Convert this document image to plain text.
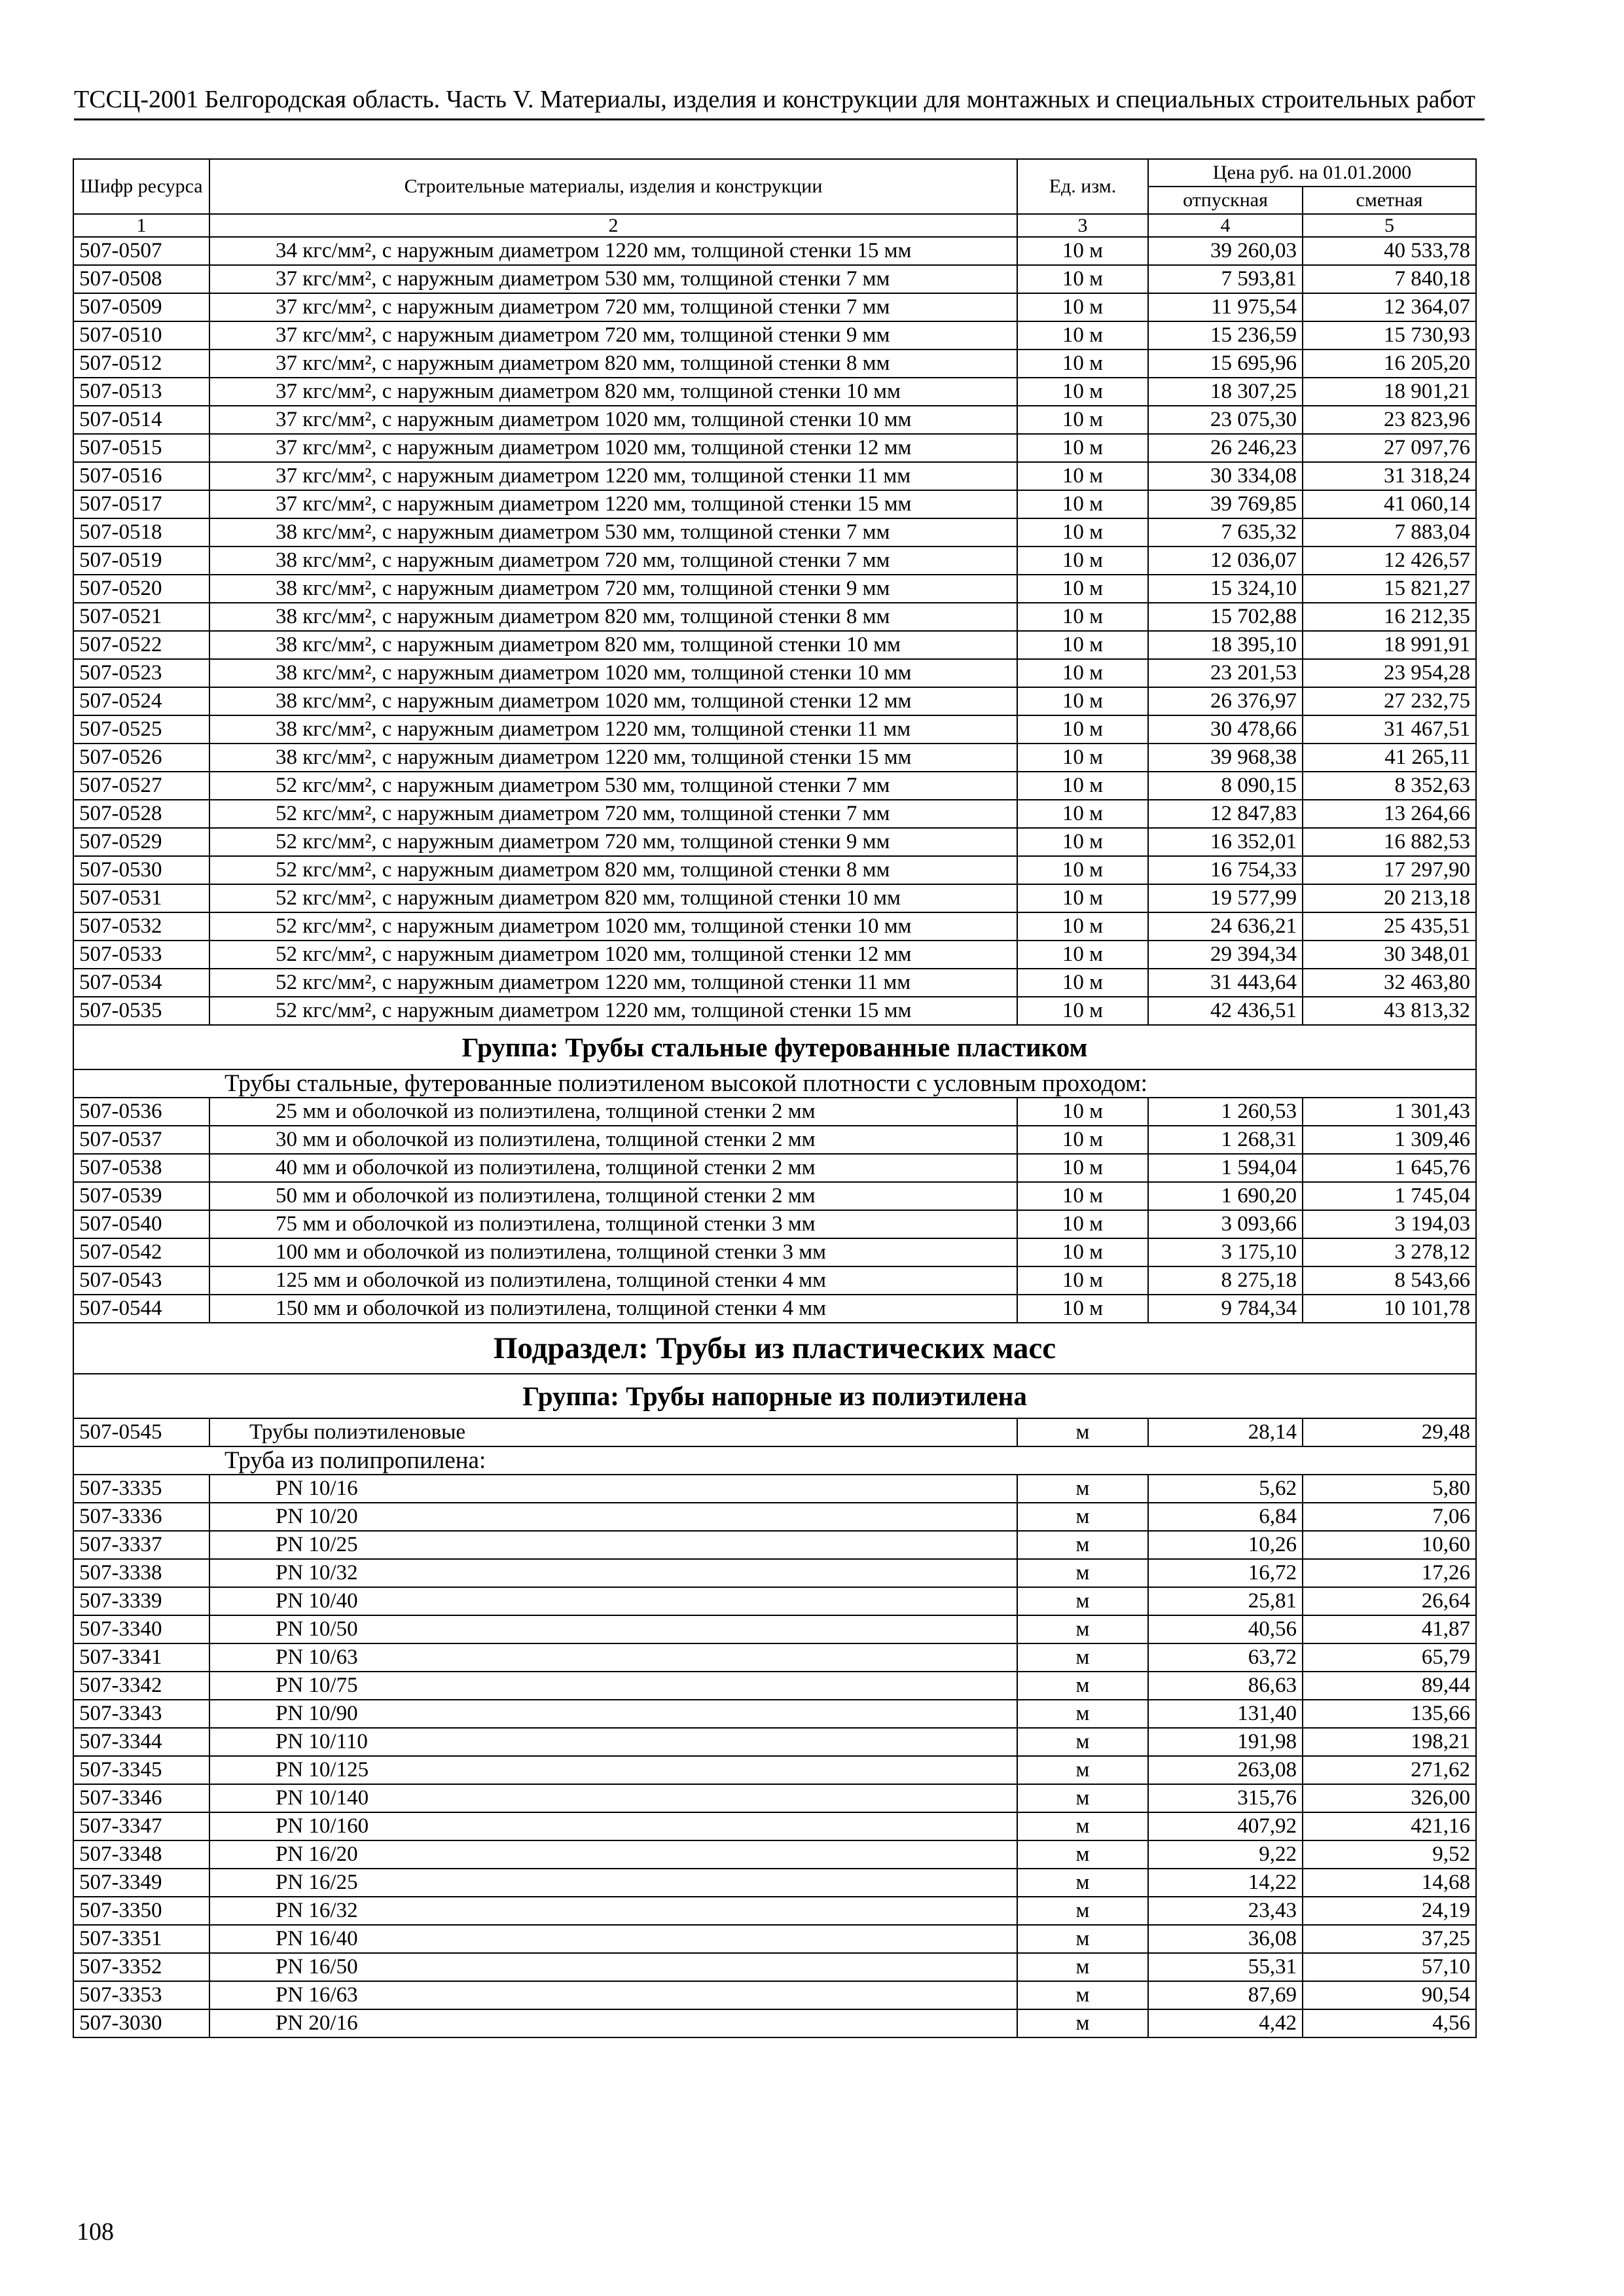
ТССЦ-2001 Белгородская область. Часть V. Материалы, изделия и конструкции для монтажных и специальных строительных работ
Шифр ресурса	Строительные материалы, изделия и конструкции	Ед. изм.	Цена руб. на 01.01.2000	
			отпускная	сметная
1	2	3	4	5
507-0507	34 кгс/мм², с наружным диаметром 1220 мм, толщиной стенки 15 мм	10 м	39 260,03	40 533,78
507-0508	37 кгс/мм², с наружным диаметром 530 мм, толщиной стенки 7 мм	10 м	7 593,81	7 840,18
507-0509	37 кгс/мм², с наружным диаметром 720 мм, толщиной стенки 7 мм	10 м	11 975,54	12 364,07
507-0510	37 кгс/мм², с наружным диаметром 720 мм, толщиной стенки 9 мм	10 м	15 236,59	15 730,93
507-0512	37 кгс/мм², с наружным диаметром 820 мм, толщиной стенки 8 мм	10 м	15 695,96	16 205,20
507-0513	37 кгс/мм², с наружным диаметром 820 мм, толщиной стенки 10 мм	10 м	18 307,25	18 901,21
507-0514	37 кгс/мм², с наружным диаметром 1020 мм, толщиной стенки 10 мм	10 м	23 075,30	23 823,96
507-0515	37 кгс/мм², с наружным диаметром 1020 мм, толщиной стенки 12 мм	10 м	26 246,23	27 097,76
507-0516	37 кгс/мм², с наружным диаметром 1220 мм, толщиной стенки 11 мм	10 м	30 334,08	31 318,24
507-0517	37 кгс/мм², с наружным диаметром 1220 мм, толщиной стенки 15 мм	10 м	39 769,85	41 060,14
507-0518	38 кгс/мм², с наружным диаметром 530 мм, толщиной стенки 7 мм	10 м	7 635,32	7 883,04
507-0519	38 кгс/мм², с наружным диаметром 720 мм, толщиной стенки 7 мм	10 м	12 036,07	12 426,57
507-0520	38 кгс/мм², с наружным диаметром 720 мм, толщиной стенки 9 мм	10 м	15 324,10	15 821,27
507-0521	38 кгс/мм², с наружным диаметром 820 мм, толщиной стенки 8 мм	10 м	15 702,88	16 212,35
507-0522	38 кгс/мм², с наружным диаметром 820 мм, толщиной стенки 10 мм	10 м	18 395,10	18 991,91
507-0523	38 кгс/мм², с наружным диаметром 1020 мм, толщиной стенки 10 мм	10 м	23 201,53	23 954,28
507-0524	38 кгс/мм², с наружным диаметром 1020 мм, толщиной стенки 12 мм	10 м	26 376,97	27 232,75
507-0525	38 кгс/мм², с наружным диаметром 1220 мм, толщиной стенки 11 мм	10 м	30 478,66	31 467,51
507-0526	38 кгс/мм², с наружным диаметром 1220 мм, толщиной стенки 15 мм	10 м	39 968,38	41 265,11
507-0527	52 кгс/мм², с наружным диаметром 530 мм, толщиной стенки 7 мм	10 м	8 090,15	8 352,63
507-0528	52 кгс/мм², с наружным диаметром 720 мм, толщиной стенки 7 мм	10 м	12 847,83	13 264,66
507-0529	52 кгс/мм², с наружным диаметром 720 мм, толщиной стенки 9 мм	10 м	16 352,01	16 882,53
507-0530	52 кгс/мм², с наружным диаметром 820 мм, толщиной стенки 8 мм	10 м	16 754,33	17 297,90
507-0531	52 кгс/мм², с наружным диаметром 820 мм, толщиной стенки 10 мм	10 м	19 577,99	20 213,18
507-0532	52 кгс/мм², с наружным диаметром 1020 мм, толщиной стенки 10 мм	10 м	24 636,21	25 435,51
507-0533	52 кгс/мм², с наружным диаметром 1020 мм, толщиной стенки 12 мм	10 м	29 394,34	30 348,01
507-0534	52 кгс/мм², с наружным диаметром 1220 мм, толщиной стенки 11 мм	10 м	31 443,64	32 463,80
507-0535	52 кгс/мм², с наружным диаметром 1220 мм, толщиной стенки 15 мм	10 м	42 436,51	43 813,32
Группа: Трубы стальные футерованные пластиком				
Трубы стальные, футерованные полиэтиленом высокой плотности с условным проходом:				
507-0536	25 мм и оболочкой из полиэтилена, толщиной стенки 2 мм	10 м	1 260,53	1 301,43
507-0537	30 мм и оболочкой из полиэтилена, толщиной стенки 2 мм	10 м	1 268,31	1 309,46
507-0538	40 мм и оболочкой из полиэтилена, толщиной стенки 2 мм	10 м	1 594,04	1 645,76
507-0539	50 мм и оболочкой из полиэтилена, толщиной стенки 2 мм	10 м	1 690,20	1 745,04
507-0540	75 мм и оболочкой из полиэтилена, толщиной стенки 3 мм	10 м	3 093,66	3 194,03
507-0542	100 мм и оболочкой из полиэтилена, толщиной стенки 3 мм	10 м	3 175,10	3 278,12
507-0543	125 мм и оболочкой из полиэтилена, толщиной стенки 4 мм	10 м	8 275,18	8 543,66
507-0544	150 мм и оболочкой из полиэтилена, толщиной стенки 4 мм	10 м	9 784,34	10 101,78
Подраздел: Трубы из пластических масс				
Группа: Трубы напорные из полиэтилена				
507-0545	Трубы полиэтиленовые	м	28,14	29,48
Труба из полипропилена:				
507-3335	PN 10/16	м	5,62	5,80
507-3336	PN 10/20	м	6,84	7,06
507-3337	PN 10/25	м	10,26	10,60
507-3338	PN 10/32	м	16,72	17,26
507-3339	PN 10/40	м	25,81	26,64
507-3340	PN 10/50	м	40,56	41,87
507-3341	PN 10/63	м	63,72	65,79
507-3342	PN 10/75	м	86,63	89,44
507-3343	PN 10/90	м	131,40	135,66
507-3344	PN 10/110	м	191,98	198,21
507-3345	PN 10/125	м	263,08	271,62
507-3346	PN 10/140	м	315,76	326,00
507-3347	PN 10/160	м	407,92	421,16
507-3348	PN 16/20	м	9,22	9,52
507-3349	PN 16/25	м	14,22	14,68
507-3350	PN 16/32	м	23,43	24,19
507-3351	PN 16/40	м	36,08	37,25
507-3352	PN 16/50	м	55,31	57,10
507-3353	PN 16/63	м	87,69	90,54
507-3030	PN 20/16	м	4,42	4,56
108
